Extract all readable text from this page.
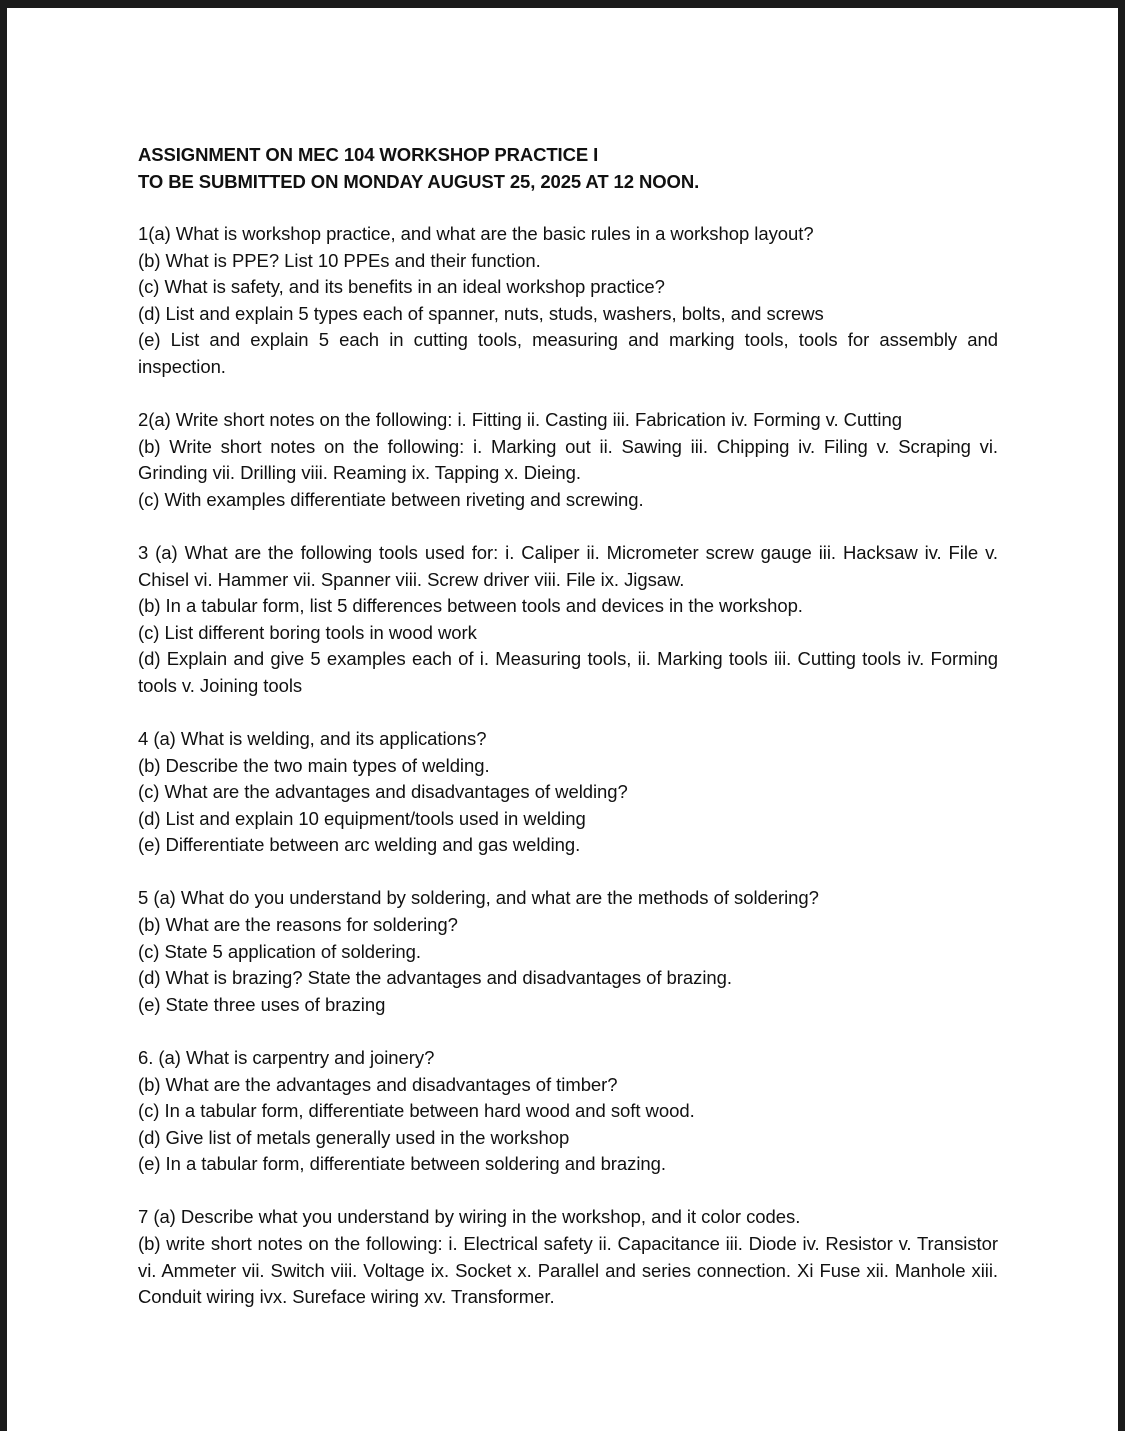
ASSIGNMENT ON MEC 104 WORKSHOP PRACTICE I
TO BE SUBMITTED ON MONDAY AUGUST 25, 2025 AT 12 NOON.
1(a) What is workshop practice, and what are the basic rules in a workshop layout?
(b) What is PPE? List 10 PPEs and their function.
(c) What is safety, and its benefits in an ideal workshop practice?
(d) List and explain 5 types each of spanner, nuts, studs, washers, bolts, and screws
(e) List and explain 5 each in cutting tools, measuring and marking tools, tools for assembly and inspection.
2(a) Write short notes on the following: i. Fitting ii. Casting iii. Fabrication iv. Forming v. Cutting
(b) Write short notes on the following: i. Marking out ii. Sawing iii. Chipping iv. Filing v. Scraping vi. Grinding vii. Drilling viii. Reaming ix. Tapping x. Dieing.
(c) With examples differentiate between riveting and screwing.
3 (a) What are the following tools used for: i. Caliper ii. Micrometer screw gauge iii. Hacksaw iv. File v. Chisel vi. Hammer vii. Spanner viii. Screw driver viii. File ix. Jigsaw.
(b) In a tabular form, list 5 differences between tools and devices in the workshop.
(c) List different boring tools in wood work
(d) Explain and give 5 examples each of i. Measuring tools, ii. Marking tools iii. Cutting tools iv. Forming tools v. Joining tools
4 (a) What is welding, and its applications?
(b) Describe the two main types of welding.
(c) What are the advantages and disadvantages of welding?
(d) List and explain 10 equipment/tools used in welding
(e) Differentiate between arc welding and gas welding.
5 (a) What do you understand by soldering, and what are the methods of soldering?
(b) What are the reasons for soldering?
(c) State 5 application of soldering.
(d) What is brazing? State the advantages and disadvantages of brazing.
(e) State three uses of brazing
6. (a) What is carpentry and joinery?
(b) What are the advantages and disadvantages of timber?
(c) In a tabular form, differentiate between hard wood and soft wood.
(d) Give list of metals generally used in the workshop
(e) In a tabular form, differentiate between soldering and brazing.
7 (a) Describe what you understand by wiring in the workshop, and it color codes.
(b) write short notes on the following: i. Electrical safety ii. Capacitance iii. Diode iv. Resistor v. Transistor vi. Ammeter vii. Switch viii. Voltage ix. Socket x. Parallel and series connection. Xi Fuse xii. Manhole xiii. Conduit wiring ivx. Sureface wiring xv. Transformer.
